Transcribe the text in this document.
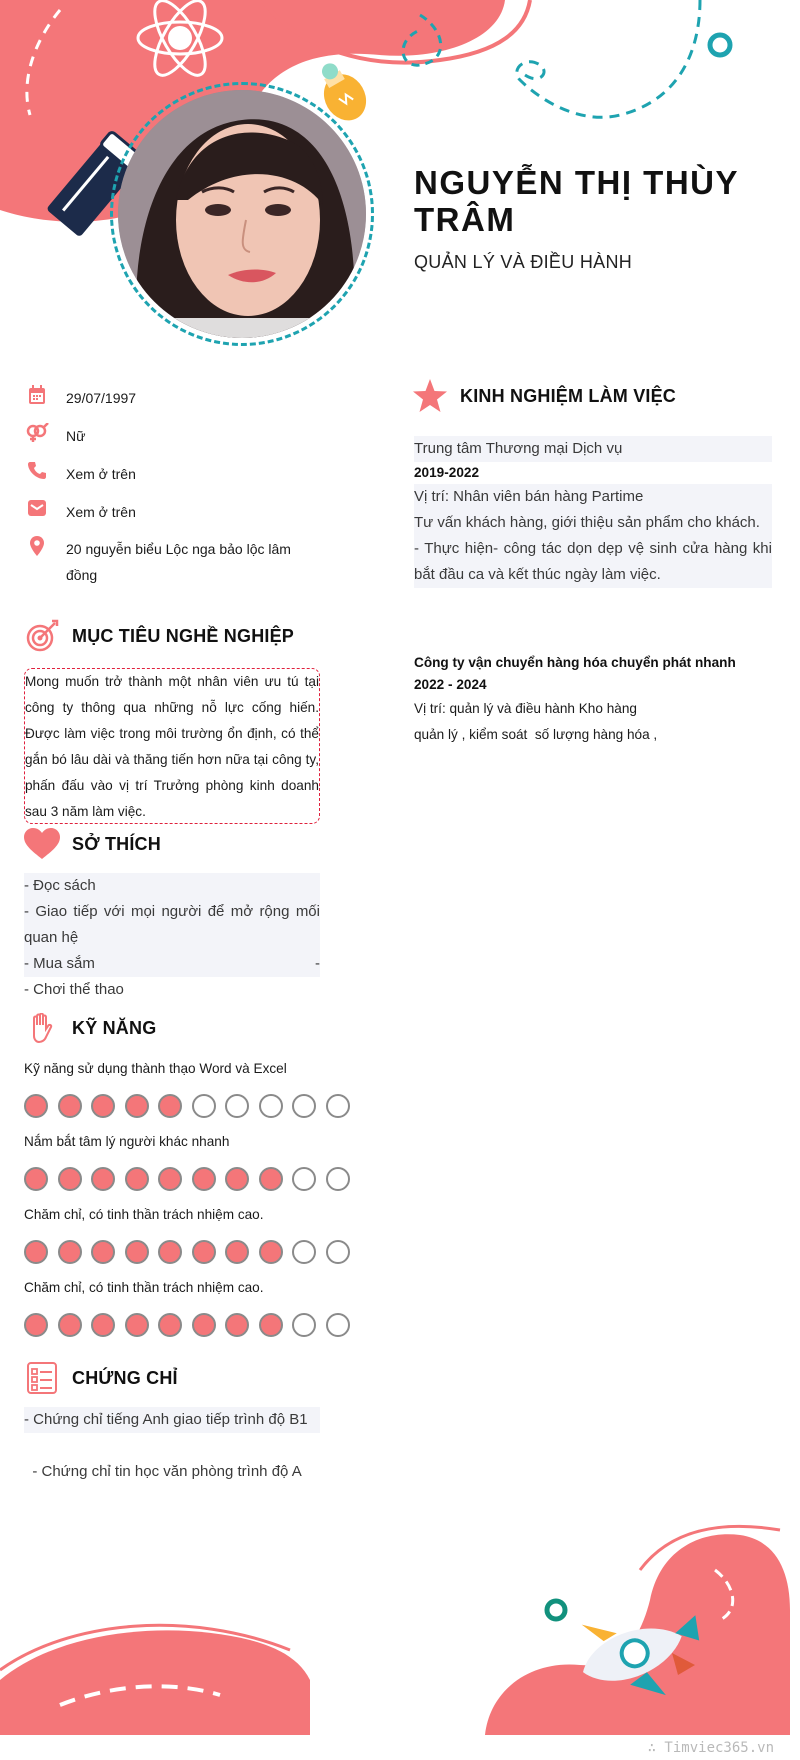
NGUYỄN THỊ THÙY TRÂM
QUẢN LÝ VÀ ĐIỀU HÀNH
29/07/1997
Nữ
Xem ở trên
Xem ở trên
20 nguyễn biểu Lộc nga bảo lộc lâm đồng
MỤC TIÊU NGHỀ NGHIỆP

Mong muốn trở thành một nhân viên ưu tú tại công ty thông qua những nỗ lực cống hiến. Được làm việc trong môi trường ổn định, có thể gắn bó lâu dài và thăng tiến hơn nữa tại công ty, phấn đấu vào vị trí Trưởng phòng kinh doanh sau 3 năm làm việc.

SỞ THÍCH
- Đọc sách
- Giao tiếp với mọi người để mở rộng mối quan hệ
- Mua sắm	-
- Chơi thể thao
KỸ NĂNG
Kỹ năng sử dụng thành thạo Word và Excel
Nắm bắt tâm lý người khác nhanh
Chăm chỉ, có tinh thần trách nhiệm cao.
Chăm chỉ, có tinh thần trách nhiệm cao.
CHỨNG CHỈ
- Chứng chỉ tiếng Anh giao tiếp trình độ B1
- Chứng chỉ tin học văn phòng trình độ A
KINH NGHIỆM LÀM VIỆC
Trung tâm Thương mại Dịch vụ
2019-2022
Vị trí: Nhân viên bán hàng Partime
Tư vấn khách hàng, giới thiệu sản phẩm cho khách.
- Thực hiện- công tác dọn dẹp vệ sinh cửa hàng khi bắt đầu ca và kết thúc ngày làm việc.
Công ty vận chuyển hàng hóa chuyển phát nhanh
2022 - 2024
Vị trí: quản lý và điều hành Kho hàng
quản lý , kiểm soát  số lượng hàng hóa ,
∴ Timviec365.vn
